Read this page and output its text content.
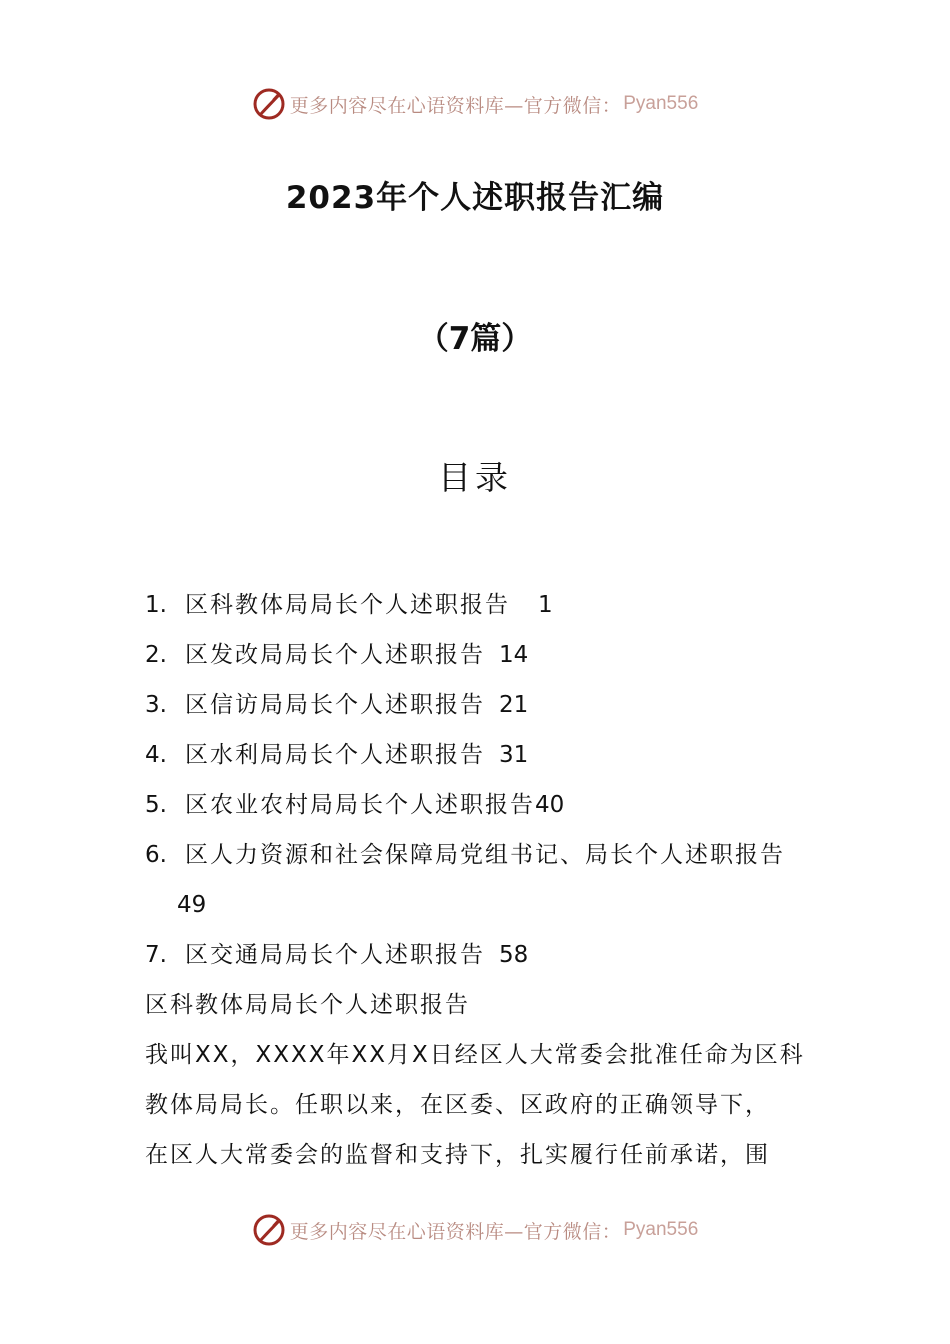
更多内容尽在心语资料库—官方微信： Pyan556
2023年个人述职报告汇编
（7篇）
目录
1. 区科教体局局长个人述职报告 1
2. 区发改局局长个人述职报告 14
3. 区信访局局长个人述职报告 21
4. 区水利局局长个人述职报告 31
5. 区农业农村局局长个人述职报告 40
6. 区人力资源和社会保障局党组书记、局长个人述职报告
49
7. 区交通局局长个人述职报告 58
区科教体局局长个人述职报告
我叫XX，XXXX年XX月X日经区人大常委会批准任命为区科
教体局局长。任职以来，在区委、区政府的正确领导下，
在区人大常委会的监督和支持下，扎实履行任前承诺，围
更多内容尽在心语资料库—官方微信： Pyan556
